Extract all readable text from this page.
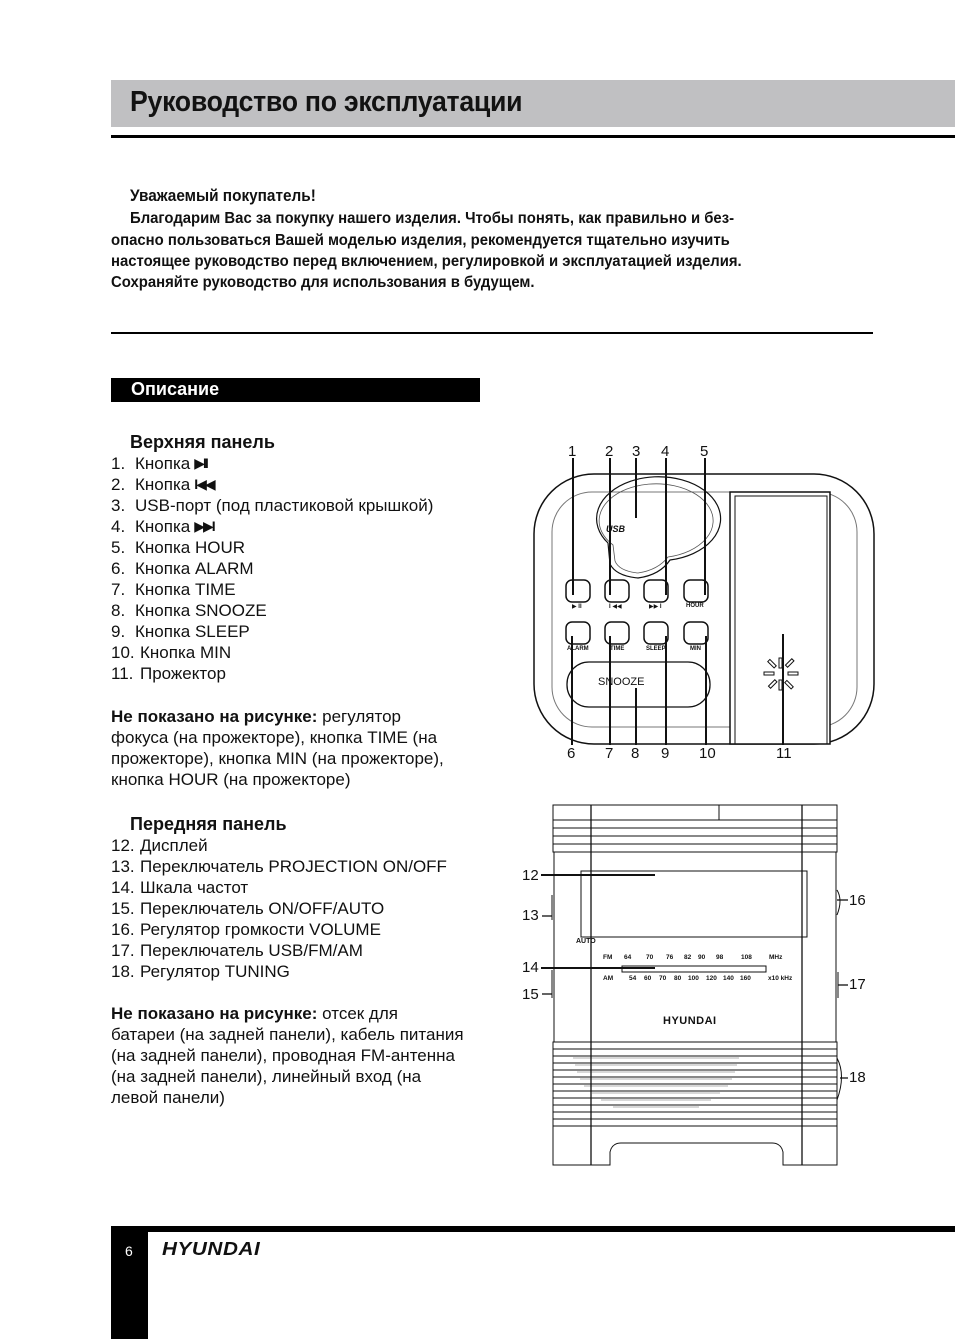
Руководство по эксплуатации
Уважаемый покупатель!

Благодарим Вас за покупку нашего изделия. Чтобы понять, как правильно и без-

опасно пользоваться Вашей моделью изделия, рекомендуется тщательно изучить

настоящее руководство перед включением, регулировкой и эксплуатацией изделия.

Сохраняйте руководство для использования в будущем.

Описание
Верхняя панель
1. Кнопка ▶II
2. Кнопка I◀◀
3. USB-порт (под пластиковой крышкой)
4. Кнопка ▶▶I
5. Кнопка HOUR
6. Кнопка ALARM
7. Кнопка TIME
8. Кнопка SNOOZE
9. Кнопка SLEEP
10. Кнопка MIN
11. Прожектор
Не показано на рисунке: регулятор
фокуса (на прожекторе), кнопка TIME (на
прожекторе), кнопка MIN (на прожекторе),
кнопка HOUR (на прожекторе)
Передняя панель
12. Дисплей
13. Переключатель PROJECTION ON/OFF
14. Шкала частот
15. Переключатель ON/OFF/AUTO
16. Регулятор громкости VOLUME
17. Переключатель USB/FM/AM
18. Регулятор TUNING
Не показано на рисунке: отсек для
батареи (на задней панели), кабель питания
(на задней панели), проводная FM-антенна
(на задней панели), линейный вход (на
левой панели)
1 2 3 4 5
USB
▶ II	I ◀◀	▶▶ I	HOUR
ALARM	TIME	SLEEP	MIN
SNOOZE
6 7 8 9 10	11
12
13
14
15
16
17
18
AUTO
FM	64	70	76	82	90	98	108	MHz
AM	54	60	70	80	100	120 140 160	x10 kHz
HYUNDAI
6 HYUNDAI
